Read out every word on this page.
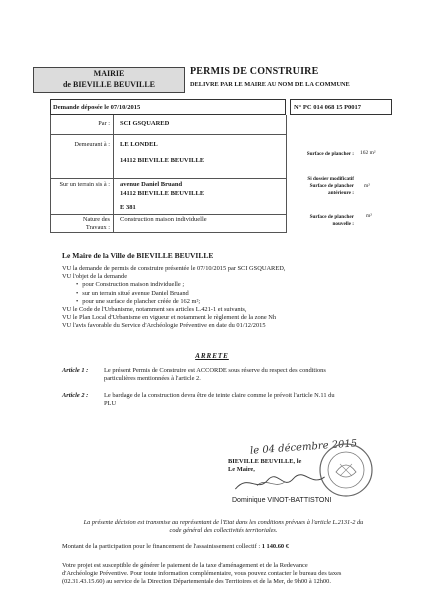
MAIRIE
de BIEVILLE BEUVILLE
PERMIS DE CONSTRUIRE
DELIVRE PAR LE MAIRE AU NOM DE LA COMMUNE
Demande déposée le 07/10/2015	N° PC 014 068 15 P0017
Par : SCI GSQUARED
Demeurant à : LE LONDEL
14112 BIEVILLE BEUVILLE
Sur un terrain sis à : avenue Daniel Bruand
14112 BIEVILLE BEUVILLE
E 381
Nature des
Travaux :
Construction maison individuelle
Surface de plancher : 162 m²
Si dossier modificatif
Surface de plancher
antérieure :
m²
Surface de plancher
nouvelle :
m²
Le Maire de la Ville de BIEVILLE BEUVILLE
VU la demande de permis de construire présentée le 07/10/2015 par SCI GSQUARED,
VU l'objet de la demande
• pour Construction maison individuelle ;
• sur un terrain situé avenue Daniel Bruand
• pour une surface de plancher créée de 162 m²;
VU le Code de l'Urbanisme, notamment ses articles L.421-1 et suivants,
VU le Plan Local d'Urbanisme en vigueur et notamment le règlement de la zone Nh
VU l'avis favorable du Service d'Archéologie Préventive en date du 01/12/2015
ARRETE
Article 1 : Le présent Permis de Construire est ACCORDE sous réserve du respect des conditions
particulières mentionnées à l'article 2.
Article 2 : Le bardage de la construction devra être de teinte claire comme le prévoit l'article N.11 du
PLU
le 04 décembre 2015
BIEVILLE BEUVILLE, le
Le Maire,
Dominique VINOT-BATTISTONI
La présente décision est transmise au représentant de l'Etat dans les conditions prévues à l'article L.2131-2 du
code général des collectivités territoriales.
Montant de la participation pour le financement de l'assainissement collectif : 1 140.60 €
Votre projet est susceptible de générer le paiement de la taxe d'aménagement et de la Redevance
d'Archéologie Préventive. Pour toute information complémentaire, vous pouvez contacter le bureau des taxes
(02.31.43.15.60) au service de la Direction Départementale des Territoires et de la Mer, de 9h00 à 12h00.
